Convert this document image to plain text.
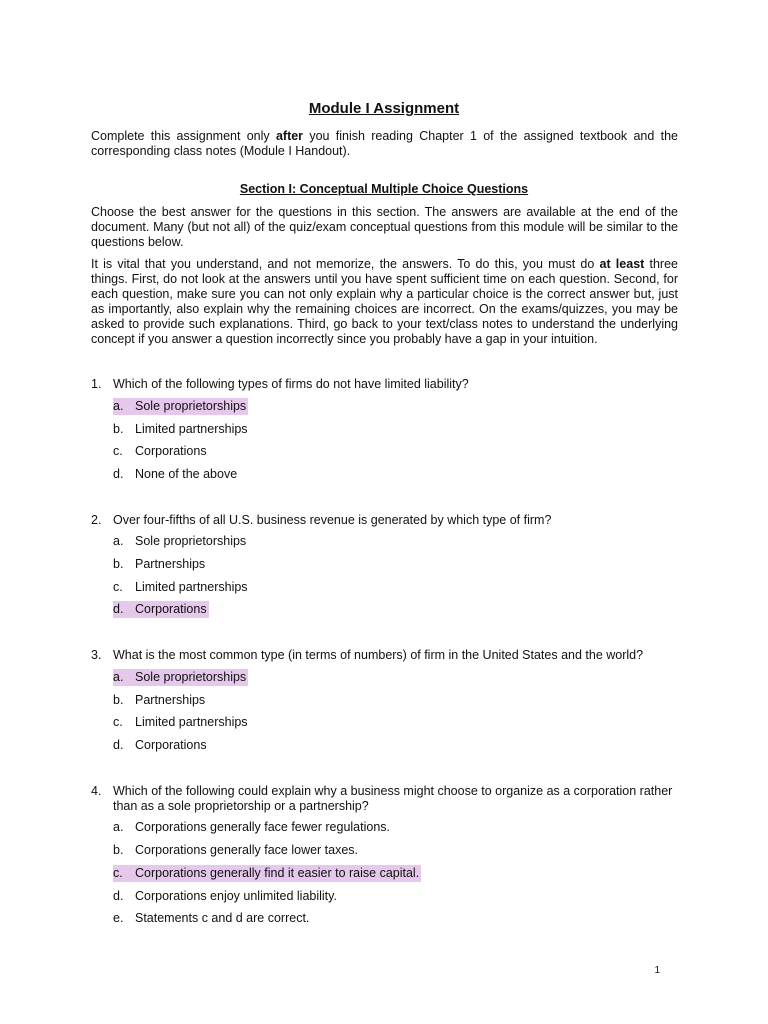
Module I Assignment

Complete this assignment only after you finish reading Chapter 1 of the assigned textbook and the corresponding class notes (Module I Handout).

Section I: Conceptual Multiple Choice Questions

Choose the best answer for the questions in this section. The answers are available at the end of the document. Many (but not all) of the quiz/exam conceptual questions from this module will be similar to the questions below.

It is vital that you understand, and not memorize, the answers. To do this, you must do at least three things. First, do not look at the answers until you have spent sufficient time on each question. Second, for each question, make sure you can not only explain why a particular choice is the correct answer but, just as importantly, also explain why the remaining choices are incorrect. On the exams/quizzes, you may be asked to provide such explanations. Third, go back to your text/class notes to understand the underlying concept if you answer a question incorrectly since you probably have a gap in your intuition.

1. Which of the following types of firms do not have limited liability?

a. Sole proprietorships
b. Limited partnerships
c. Corporations
d. None of the above
2. Over four-fifths of all U.S. business revenue is generated by which type of firm?

a. Sole proprietorships
b. Partnerships
c. Limited partnerships
d. Corporations
3. What is the most common type (in terms of numbers) of firm in the United States and the world?

a. Sole proprietorships
b. Partnerships
c. Limited partnerships
d. Corporations
4. Which of the following could explain why a business might choose to organize as a corporation rather than as a sole proprietorship or a partnership?

a. Corporations generally face fewer regulations.
b. Corporations generally face lower taxes.
c. Corporations generally find it easier to raise capital.
d. Corporations enjoy unlimited liability.
e. Statements c and d are correct.
1
